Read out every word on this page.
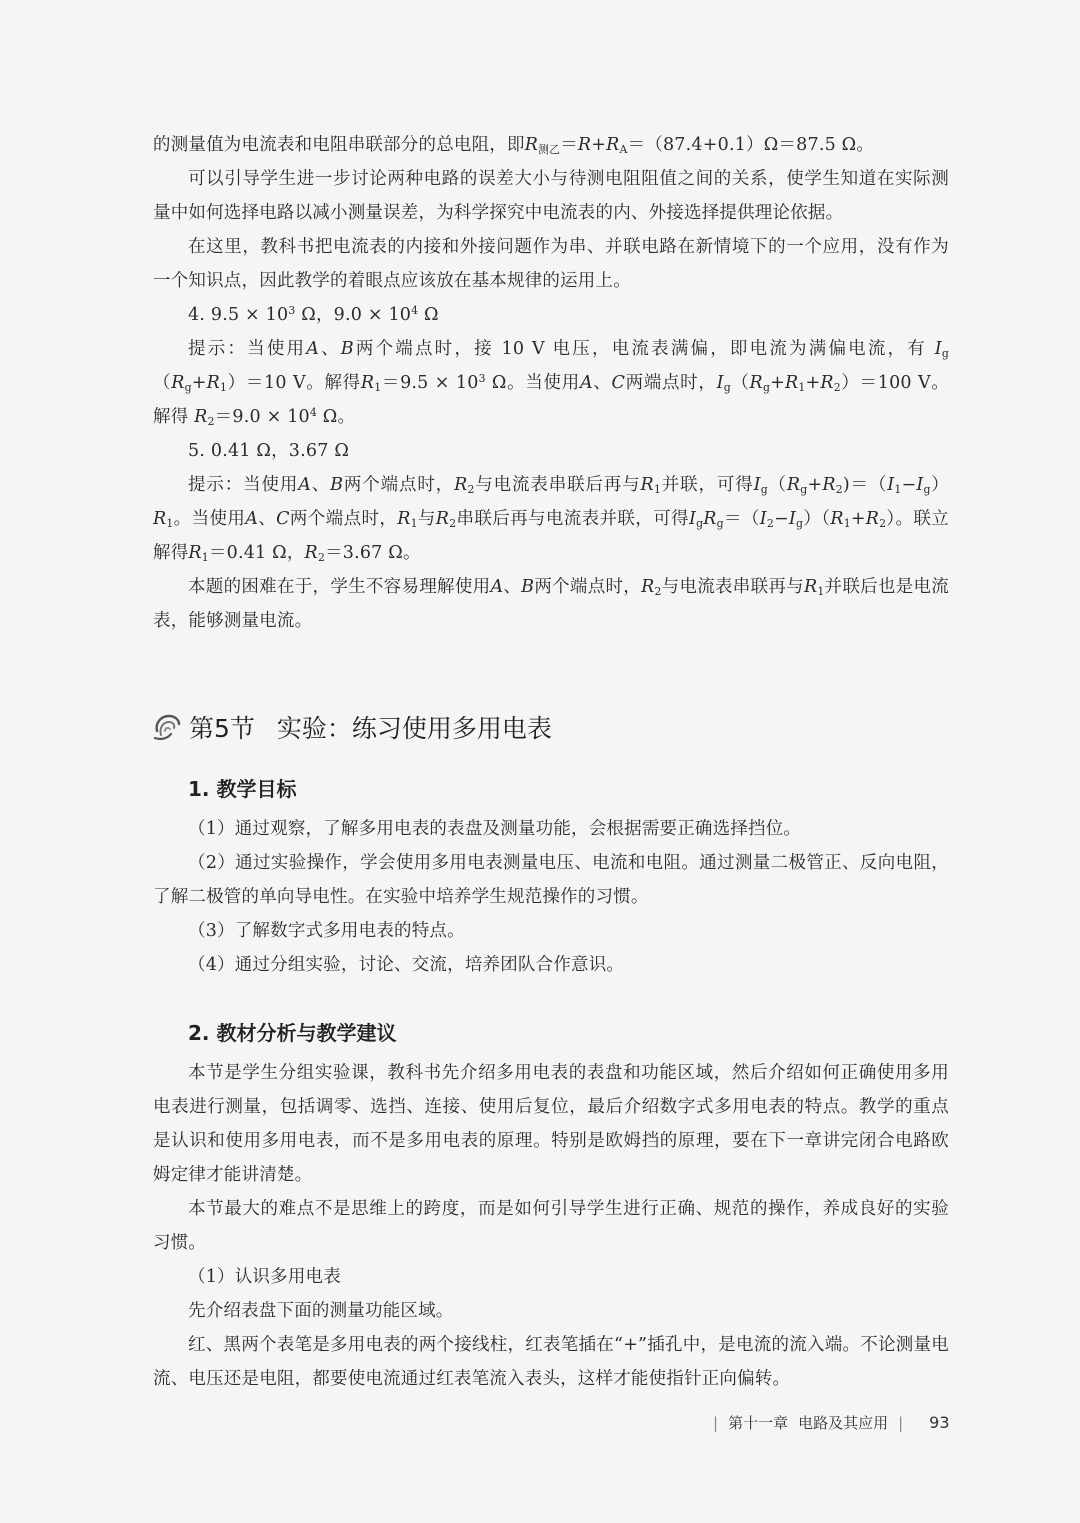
的测量值为电流表和电阻串联部分的总电阻，即$R_{测乙}=R+R_A=(87.4+0.1)\Omega=87.5$ Ω。

可以引导学生进一步讨论两种电路的误差大小与待测电阻阻值之间的关系，使学生知道在实际测量中如何选择电路以减小测量误差，为科学探究中电流表的内、外接选择提供理论依据。

在这里，教科书把电流表的内接和外接问题作为串、并联电路在新情境下的一个应用，没有作为一个知识点，因此教学的着眼点应该放在基本规律的运用上。

4. $9.5 \times 10^3$ Ω，$9.0 \times 10^4$ Ω

提示：当使用A、B两个端点时，接 10 V 电压，电流表满偏，即电流为满偏电流，有 $I_g(R_g+R_1)=10$ V。解得$R_1=9.5 \times 10^3$ Ω。当使用A、C两端点时，$I_g(R_g+R_1+R_2)=100$ V。解得 $R_2=9.0 \times 10^4$ Ω。

5. 0.41 Ω，3.67 Ω

提示：当使用A、B两个端点时，$R_2$与电流表串联后再与$R_1$并联，可得$I_g(R_g+R_2)=(I_1-I_g)R_1$。当使用A、C两个端点时，$R_1$与$R_2$串联后再与电流表并联，可得$I_gR_g=(I_2-I_g)(R_1+R_2)$。联立解得$R_1=0.41$ Ω，$R_2=3.67$ Ω。

本题的困难在于，学生不容易理解使用A、B两个端点时，$R_2$与电流表串联再与$R_1$并联后也是电流表，能够测量电流。

第5节 实验：练习使用多用电表
1. 教学目标

（1）通过观察，了解多用电表的表盘及测量功能，会根据需要正确选择挡位。

（2）通过实验操作，学会使用多用电表测量电压、电流和电阻。通过测量二极管正、反向电阻，了解二极管的单向导电性。在实验中培养学生规范操作的习惯。

（3）了解数字式多用电表的特点。

（4）通过分组实验，讨论、交流，培养团队合作意识。

2. 教材分析与教学建议

本节是学生分组实验课，教科书先介绍多用电表的表盘和功能区域，然后介绍如何正确使用多用电表进行测量，包括调零、选挡、连接、使用后复位，最后介绍数字式多用电表的特点。教学的重点是认识和使用多用电表，而不是多用电表的原理。特别是欧姆挡的原理，要在下一章讲完闭合电路欧姆定律才能讲清楚。

本节最大的难点不是思维上的跨度，而是如何引导学生进行正确、规范的操作，养成良好的实验习惯。

（1）认识多用电表

先介绍表盘下面的测量功能区域。

红、黑两个表笔是多用电表的两个接线柱，红表笔插在“+”插孔中，是电流的流入端。不论测量电流、电压还是电阻，都要使电流通过红表笔流入表头，这样才能使指针正向偏转。

| 第十一章 电路及其应用 | 93
